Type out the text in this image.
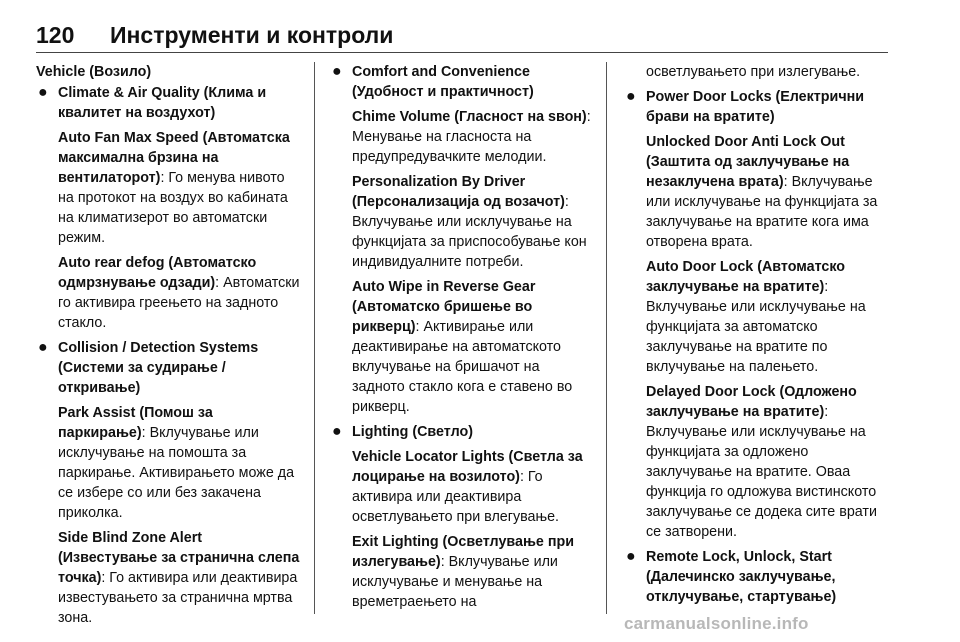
120 Инструменти и контроли
Vehicle (Возило)
● Climate & Air Quality (Клима и квалитет на воздухот)
Auto Fan Max Speed (Автоматска максимална брзина на вентилаторот): Го менува нивото на протокот на воздух во кабината на климатизерот во автоматски режим.
Auto rear defog (Автоматско одмрзнување одзади): Автоматски го активира греењето на задното стакло.
● Collision / Detection Systems (Системи за судирање / откривање)
Park Assist (Помош за паркирање): Вклучување или исклучување на помошта за паркирање. Активирањето може да се избере со или без закачена приколка.
Side Blind Zone Alert (Известување за странична слепа точка): Го активира или деактивира известувањето за странична мртва зона.
● Comfort and Convenience (Удобност и практичност)
Chime Volume (Гласност на ѕвон): Менување на гласноста на предупредувачките мелодии.
Personalization By Driver (Персонализација од возачот): Вклучување или исклучување на функцијата за приспособување кон индивидуалните потреби.
Auto Wipe in Reverse Gear (Автоматско бришење во рикверц): Активирање или деактивирање на автоматското вклучување на бришачот на задното стакло кога е ставено во рикверц.
● Lighting (Светло)
Vehicle Locator Lights (Светла за лоцирање на возилото): Го активира или деактивира осветлувањето при влегување.
Exit Lighting (Осветлување при излегување): Вклучување или исклучување и менување на времетраењето на
осветлувањето при излегување.
● Power Door Locks (Електрични брави на вратите)
Unlocked Door Anti Lock Out (Заштита од заклучување на незаклучена врата): Вклучување или исклучување на функцијата за заклучување на вратите кога има отворена врата.
Auto Door Lock (Автоматско заклучување на вратите): Вклучување или исклучување на функцијата за автоматско заклучување на вратите по вклучување на палењето.
Delayed Door Lock (Одложено заклучување на вратите): Вклучување или исклучување на функцијата за одложено заклучување на вратите. Оваа функција го одложува вистинското заклучување се додека сите врати се затворени.
● Remote Lock, Unlock, Start (Далечинско заклучување, отклучување, стартување)
carmanualsonline.info
